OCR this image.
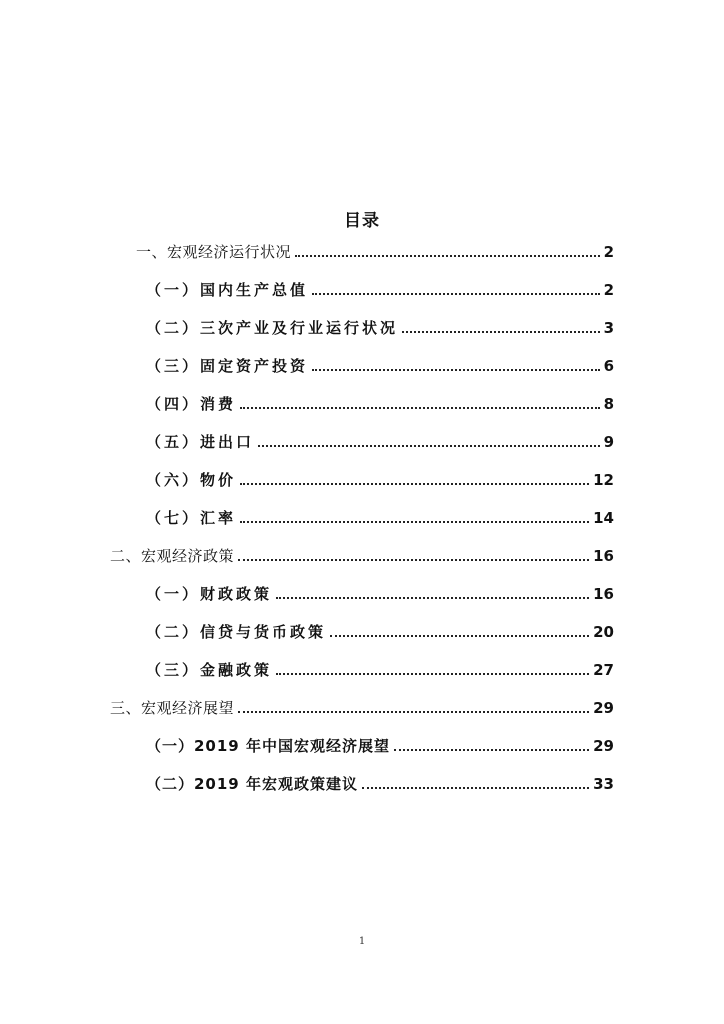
目录
一、宏观经济运行状况	2
（一）国内生产总值	2
（二）三次产业及行业运行状况	3
（三）固定资产投资	6
（四）消费	8
（五）进出口	9
（六）物价	12
（七）汇率	14
二、宏观经济政策	16
（一）财政政策	16
（二）信贷与货币政策	20
（三）金融政策	27
三、宏观经济展望	29
（一）2019 年中国宏观经济展望	29
（二）2019 年宏观政策建议	33
1
